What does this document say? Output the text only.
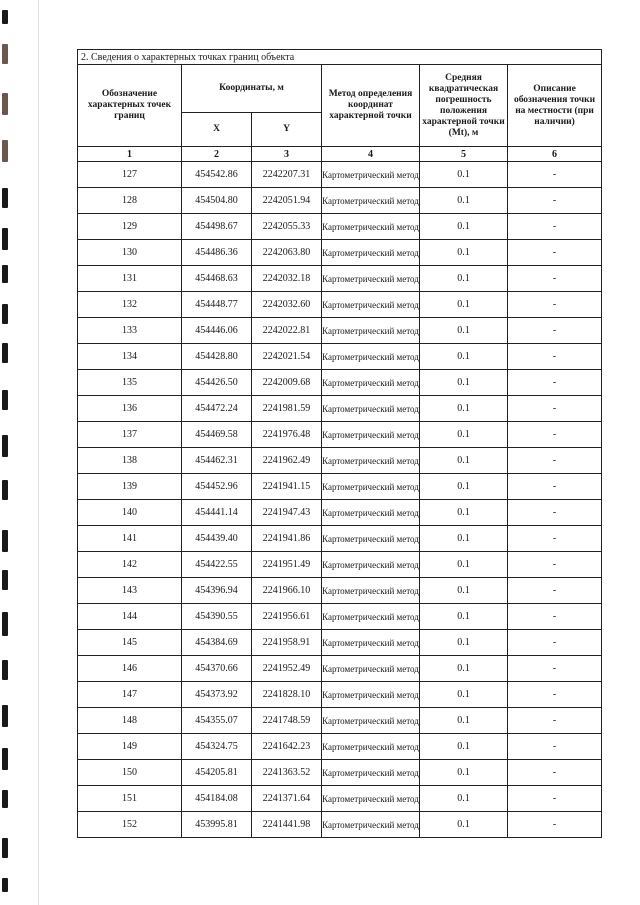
2. Сведения о характерных точках границ объекта					
Обозначение характерных точек границ	Координаты, м		Метод определения координат характерной точки	Средняя квадратическая погрешность положения характерной точки (Mt), м	Описание обозначения точки на местности (при наличии)
	X	Y			
1	2	3	4	5	6
127	454542.86	2242207.31	Картометрический метод	0.1	-
128	454504.80	2242051.94	Картометрический метод	0.1	-
129	454498.67	2242055.33	Картометрический метод	0.1	-
130	454486.36	2242063.80	Картометрический метод	0.1	-
131	454468.63	2242032.18	Картометрический метод	0.1	-
132	454448.77	2242032.60	Картометрический метод	0.1	-
133	454446.06	2242022.81	Картометрический метод	0.1	-
134	454428.80	2242021.54	Картометрический метод	0.1	-
135	454426.50	2242009.68	Картометрический метод	0.1	-
136	454472.24	2241981.59	Картометрический метод	0.1	-
137	454469.58	2241976.48	Картометрический метод	0.1	-
138	454462.31	2241962.49	Картометрический метод	0.1	-
139	454452.96	2241941.15	Картометрический метод	0.1	-
140	454441.14	2241947.43	Картометрический метод	0.1	-
141	454439.40	2241941.86	Картометрический метод	0.1	-
142	454422.55	2241951.49	Картометрический метод	0.1	-
143	454396.94	2241966.10	Картометрический метод	0.1	-
144	454390.55	2241956.61	Картометрический метод	0.1	-
145	454384.69	2241958.91	Картометрический метод	0.1	-
146	454370.66	2241952.49	Картометрический метод	0.1	-
147	454373.92	2241828.10	Картометрический метод	0.1	-
148	454355.07	2241748.59	Картометрический метод	0.1	-
149	454324.75	2241642.23	Картометрический метод	0.1	-
150	454205.81	2241363.52	Картометрический метод	0.1	-
151	454184.08	2241371.64	Картометрический метод	0.1	-
152	453995.81	2241441.98	Картометрический метод	0.1	-
